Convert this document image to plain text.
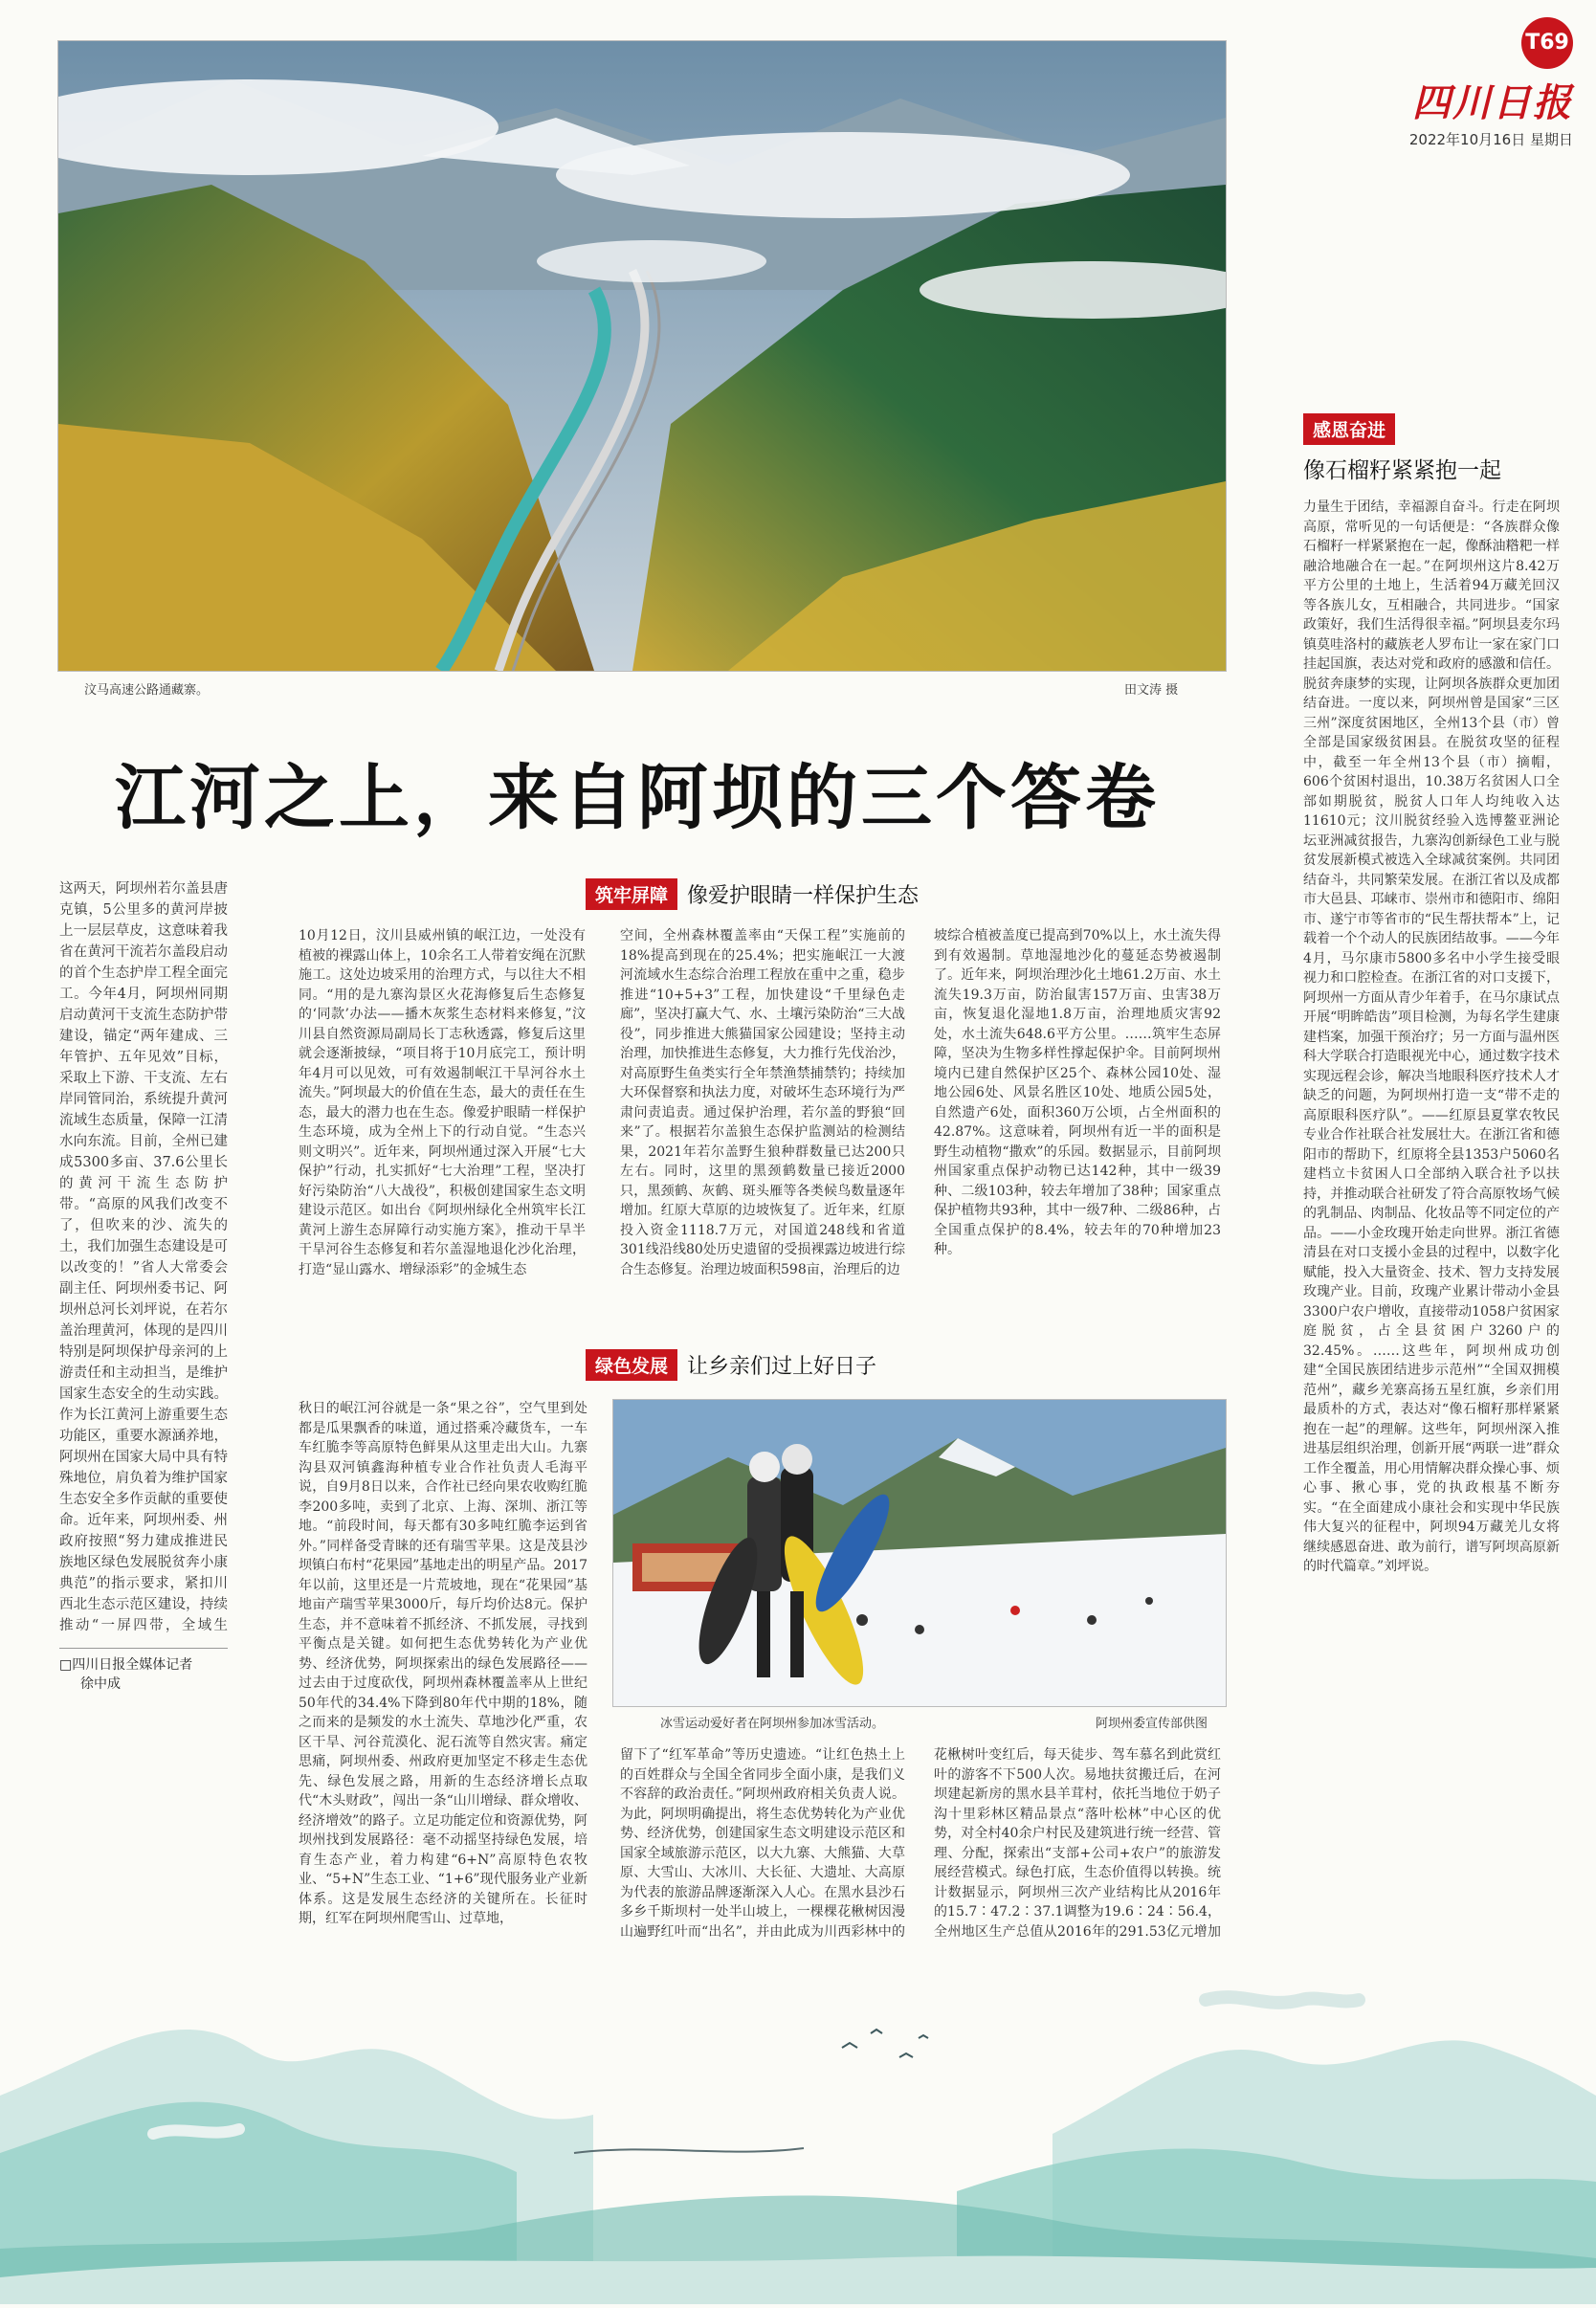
T69
四川日报
2022年10月16日 星期日
汶马高速公路通藏寨。	田文涛 摄
江河之上，来自阿坝的三个答卷
这两天，阿坝州若尔盖县唐克镇，5公里多的黄河岸披上一层层草皮，这意味着我省在黄河干流若尔盖段启动的首个生态护岸工程全面完工。今年4月，阿坝州同期启动黄河干支流生态防护带建设，锚定“两年建成、三年管护、五年见效”目标，采取上下游、干支流、左右岸同管同治，系统提升黄河流域生态质量，保障一江清水向东流。目前，全州已建成5300多亩、37.6公里长的黄河干流生态防护带。“高原的风我们改变不了，但吹来的沙、流失的土，我们加强生态建设是可以改变的！”省人大常委会副主任、阿坝州委书记、阿坝州总河长刘坪说，在若尔盖治理黄河，体现的是四川特别是阿坝保护母亲河的上游责任和主动担当，是维护国家生态安全的生动实践。作为长江黄河上游重要生态功能区，重要水源涵养地，阿坝州在国家大局中具有特殊地位，肩负着为维护国家生态安全多作贡献的重要使命。近年来，阿坝州委、州政府按照“努力建成推进民族地区绿色发展脱贫奔小康典范”的指示要求，紧扣川西北生态示范区建设，持续推动“一屏四带，全域生
□四川日报全媒体记者
徐中成
筑牢屏障 像爱护眼睛一样保护生态
10月12日，汶川县威州镇的岷江边，一处没有植被的裸露山体上，10余名工人带着安绳在沉默施工。这处边坡采用的治理方式，与以往大不相同。“用的是九寨沟景区火花海修复后生态修复的‘同款’办法——播木灰浆生态材料来修复，”汶川县自然资源局副局长丁志秋透露，修复后这里就会逐渐披绿，“项目将于10月底完工，预计明年4月可以见效，可有效遏制岷江干旱河谷水土流失。”阿坝最大的价值在生态，最大的责任在生态，最大的潜力也在生态。像爱护眼睛一样保护生态环境，成为全州上下的行动自觉。“生态兴则文明兴”。近年来，阿坝州通过深入开展“七大保护”行动，扎实抓好“七大治理”工程，坚决打好污染防治“八大战役”，积极创建国家生态文明建设示范区。如出台《阿坝州绿化全州筑牢长江黄河上游生态屏障行动实施方案》，推动干旱半干旱河谷生态修复和若尔盖湿地退化沙化治理，打造“显山露水、增绿添彩”的金城生态
空间，全州森林覆盖率由“天保工程”实施前的18%提高到现在的25.4%；把实施岷江一大渡河流域水生态综合治理工程放在重中之重，稳步推进“10+5+3”工程，加快建设“千里绿色走廊”，坚决打赢大气、水、土壤污染防治“三大战役”，同步推进大熊猫国家公园建设；坚持主动治理，加快推进生态修复，大力推行先伐治沙，对高原野生鱼类实行全年禁渔禁捕禁钓；持续加大环保督察和执法力度，对破坏生态环境行为严肃问责追责。通过保护治理，若尔盖的野狼“回来”了。根据若尔盖狼生态保护监测站的检测结果，2021年若尔盖野生狼种群数量已达200只左右。同时，这里的黑颈鹤数量已接近2000只，黑颈鹤、灰鹤、斑头雁等各类候鸟数量逐年增加。红原大草原的边坡恢复了。近年来，红原投入资金1118.7万元，对国道248线和省道301线沿线80处历史遗留的受损裸露边坡进行综合生态修复。治理边坡面积598亩，治理后的边
坡综合植被盖度已提高到70%以上，水土流失得到有效遏制。草地湿地沙化的蔓延态势被遏制了。近年来，阿坝治理沙化土地61.2万亩、水土流失19.3万亩，防治鼠害157万亩、虫害38万亩，恢复退化湿地1.8万亩，治理地质灾害92处，水土流失648.6平方公里。……筑牢生态屏障，坚决为生物多样性撑起保护伞。目前阿坝州境内已建自然保护区25个、森林公园10处、湿地公园6处、风景名胜区10处、地质公园5处，自然遗产6处，面积360万公顷，占全州面积的42.87%。这意味着，阿坝州有近一半的面积是野生动植物“撒欢”的乐园。数据显示，目前阿坝州国家重点保护动物已达142种，其中一级39种、二级103种，较去年增加了38种；国家重点保护植物共93种，其中一级7种、二级86种，占全国重点保护的8.4%，较去年的70种增加23种。
绿色发展 让乡亲们过上好日子
秋日的岷江河谷就是一条“果之谷”，空气里到处都是瓜果飘香的味道，通过搭乘冷藏货车，一车车红脆李等高原特色鲜果从这里走出大山。九寨沟县双河镇鑫海种植专业合作社负责人毛海平说，自9月8日以来，合作社已经向果农收购红脆李200多吨，卖到了北京、上海、深圳、浙江等地。“前段时间，每天都有30多吨红脆李运到省外。”同样备受青睐的还有瑞雪苹果。这是茂县沙坝镇白布村“花果园”基地走出的明星产品。2017年以前，这里还是一片荒坡地，现在“花果园”基地亩产瑞雪苹果3000斤，每斤均价达8元。保护生态，并不意味着不抓经济、不抓发展，寻找到平衡点是关键。如何把生态优势转化为产业优势、经济优势，阿坝探索出的绿色发展路径——过去由于过度砍伐，阿坝州森林覆盖率从上世纪50年代的34.4%下降到80年代中期的18%，随之而来的是频发的水土流失、草地沙化严重，农区干旱、河谷荒漠化、泥石流等自然灾害。痛定思痛，阿坝州委、州政府更加坚定不移走生态优先、绿色发展之路，用新的生态经济增长点取代“木头财政”，闯出一条“山川增绿、群众增收、经济增效”的路子。立足功能定位和资源优势，阿坝州找到发展路径：毫不动摇坚持绿色发展，培育生态产业，着力构建“6+N”高原特色农牧业、“5+N”生态工业、“1+6”现代服务业产业新体系。这是发展生态经济的关键所在。长征时期，红军在阿坝州爬雪山、过草地，
冰雪运动爱好者在阿坝州参加冰雪活动。	阿坝州委宣传部供图
留下了“红军革命”等历史遗迹。“让红色热土上的百姓群众与全国全省同步全面小康，是我们义不容辞的政治责任。”阿坝州政府相关负责人说。为此，阿坝明确提出，将生态优势转化为产业优势、经济优势，创建国家生态文明建设示范区和国家全域旅游示范区，以大九寨、大熊猫、大草原、大雪山、大冰川、大长征、大遗址、大高原为代表的旅游品牌逐渐深入人心。在黑水县沙石多乡千斯坝村一处半山坡上，一棵棵花楸树因漫山遍野红叶而“出名”，并由此成为川西彩林中的
花楸树叶变红后，每天徒步、驾车慕名到此赏红叶的游客不下500人次。易地扶贫搬迁后，在河坝建起新房的黑水县羊茸村，依托当地位于奶子沟十里彩林区精品景点“落叶松林”中心区的优势，对全村40余户村民及建筑进行统一经营、管理、分配，探索出“支部+公司+农户”的旅游发展经营模式。绿色打底，生态价值得以转换。统计数据显示，阿坝州三次产业结构比从2016年的15.7∶47.2∶37.1调整为19.6∶24∶56.4，全州地区生产总值从2016年的291.53亿元增加
感恩奋进
像石榴籽紧紧抱一起
力量生于团结，幸福源自奋斗。行走在阿坝高原，常听见的一句话便是：“各族群众像石榴籽一样紧紧抱在一起，像酥油糌粑一样融洽地融合在一起。”在阿坝州这片8.42万平方公里的土地上，生活着94万藏羌回汉等各族儿女，互相融合，共同进步。“国家政策好，我们生活得很幸福。”阿坝县麦尔玛镇莫哇洛村的藏族老人罗布让一家在家门口挂起国旗，表达对党和政府的感激和信任。脱贫奔康梦的实现，让阿坝各族群众更加团结奋进。一度以来，阿坝州曾是国家“三区三州”深度贫困地区，全州13个县（市）曾全部是国家级贫困县。在脱贫攻坚的征程中，截至一年全州13个县（市）摘帽，606个贫困村退出，10.38万名贫困人口全部如期脱贫，脱贫人口年人均纯收入达11610元；汶川脱贫经验入选博鳌亚洲论坛亚洲减贫报告，九寨沟创新绿色工业与脱贫发展新模式被选入全球减贫案例。共同团结奋斗，共同繁荣发展。在浙江省以及成都市大邑县、邛崃市、崇州市和德阳市、绵阳市、遂宁市等省市的“民生帮扶帮本”上，记载着一个个动人的民族团结故事。——今年4月，马尔康市5800多名中小学生接受眼视力和口腔检查。在浙江省的对口支援下，阿坝州一方面从青少年着手，在马尔康试点开展“明眸皓齿”项目检测，为每名学生建康建档案，加强干预治疗；另一方面与温州医科大学联合打造眼视光中心，通过数字技术实现远程会诊，解决当地眼科医疗技术人才缺乏的问题，为阿坝州打造一支“带不走的高原眼科医疗队”。——红原县夏掌农牧民专业合作社联合社发展壮大。在浙江省和德阳市的帮助下，红原将全县1353户5060名建档立卡贫困人口全部纳入联合社予以扶持，并推动联合社研发了符合高原牧场气候的乳制品、肉制品、化妆品等不同定位的产品。——小金玫瑰开始走向世界。浙江省德清县在对口支援小金县的过程中，以数字化赋能，投入大量资金、技术、智力支持发展玫瑰产业。目前，玫瑰产业累计带动小金县3300户农户增收，直接带动1058户贫困家庭脱贫，占全县贫困户3260户的32.45%。……这些年，阿坝州成功创建“全国民族团结进步示范州”“全国双拥模范州”，藏乡羌寨高扬五星红旗，乡亲们用最质朴的方式，表达对“像石榴籽那样紧紧抱在一起”的理解。这些年，阿坝州深入推进基层组织治理，创新开展“两联一进”群众工作全覆盖，用心用情解决群众操心事、烦心事、揪心事，党的执政根基不断夯实。“在全面建成小康社会和实现中华民族伟大复兴的征程中，阿坝94万藏羌儿女将继续感恩奋进、敢为前行，谱写阿坝高原新的时代篇章。”刘坪说。
